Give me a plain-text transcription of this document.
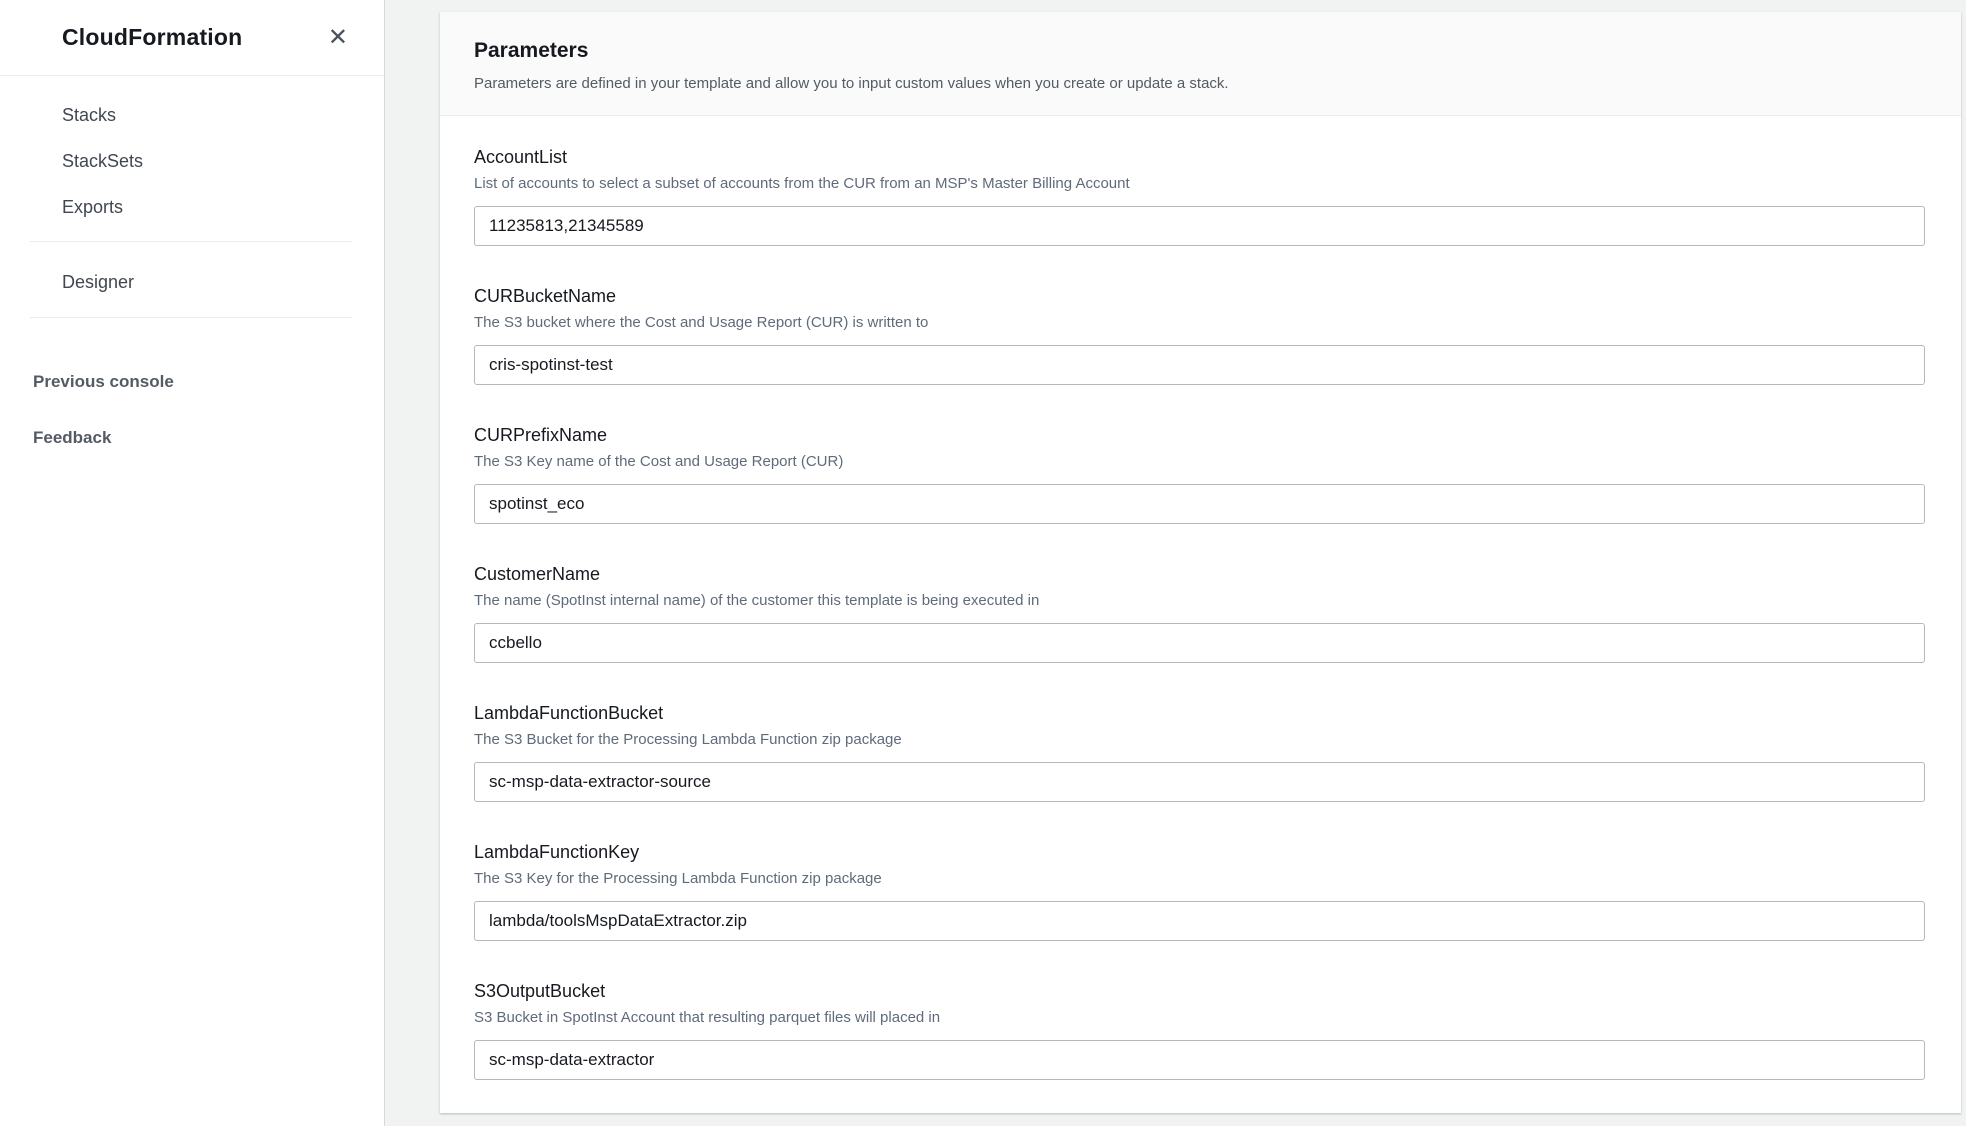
CloudFormation	✕
Stacks
StackSets
Exports
Designer
Previous console
Feedback
Parameters
Parameters are defined in your template and allow you to input custom values when you create or update a stack.
AccountList
List of accounts to select a subset of accounts from the CUR from an MSP's Master Billing Account
11235813,21345589
CURBucketName
The S3 bucket where the Cost and Usage Report (CUR) is written to
cris-spotinst-test
CURPrefixName
The S3 Key name of the Cost and Usage Report (CUR)
spotinst_eco
CustomerName
The name (SpotInst internal name) of the customer this template is being executed in
ccbello
LambdaFunctionBucket
The S3 Bucket for the Processing Lambda Function zip package
sc-msp-data-extractor-source
LambdaFunctionKey
The S3 Key for the Processing Lambda Function zip package
lambda/toolsMspDataExtractor.zip
S3OutputBucket
S3 Bucket in SpotInst Account that resulting parquet files will placed in
sc-msp-data-extractor
